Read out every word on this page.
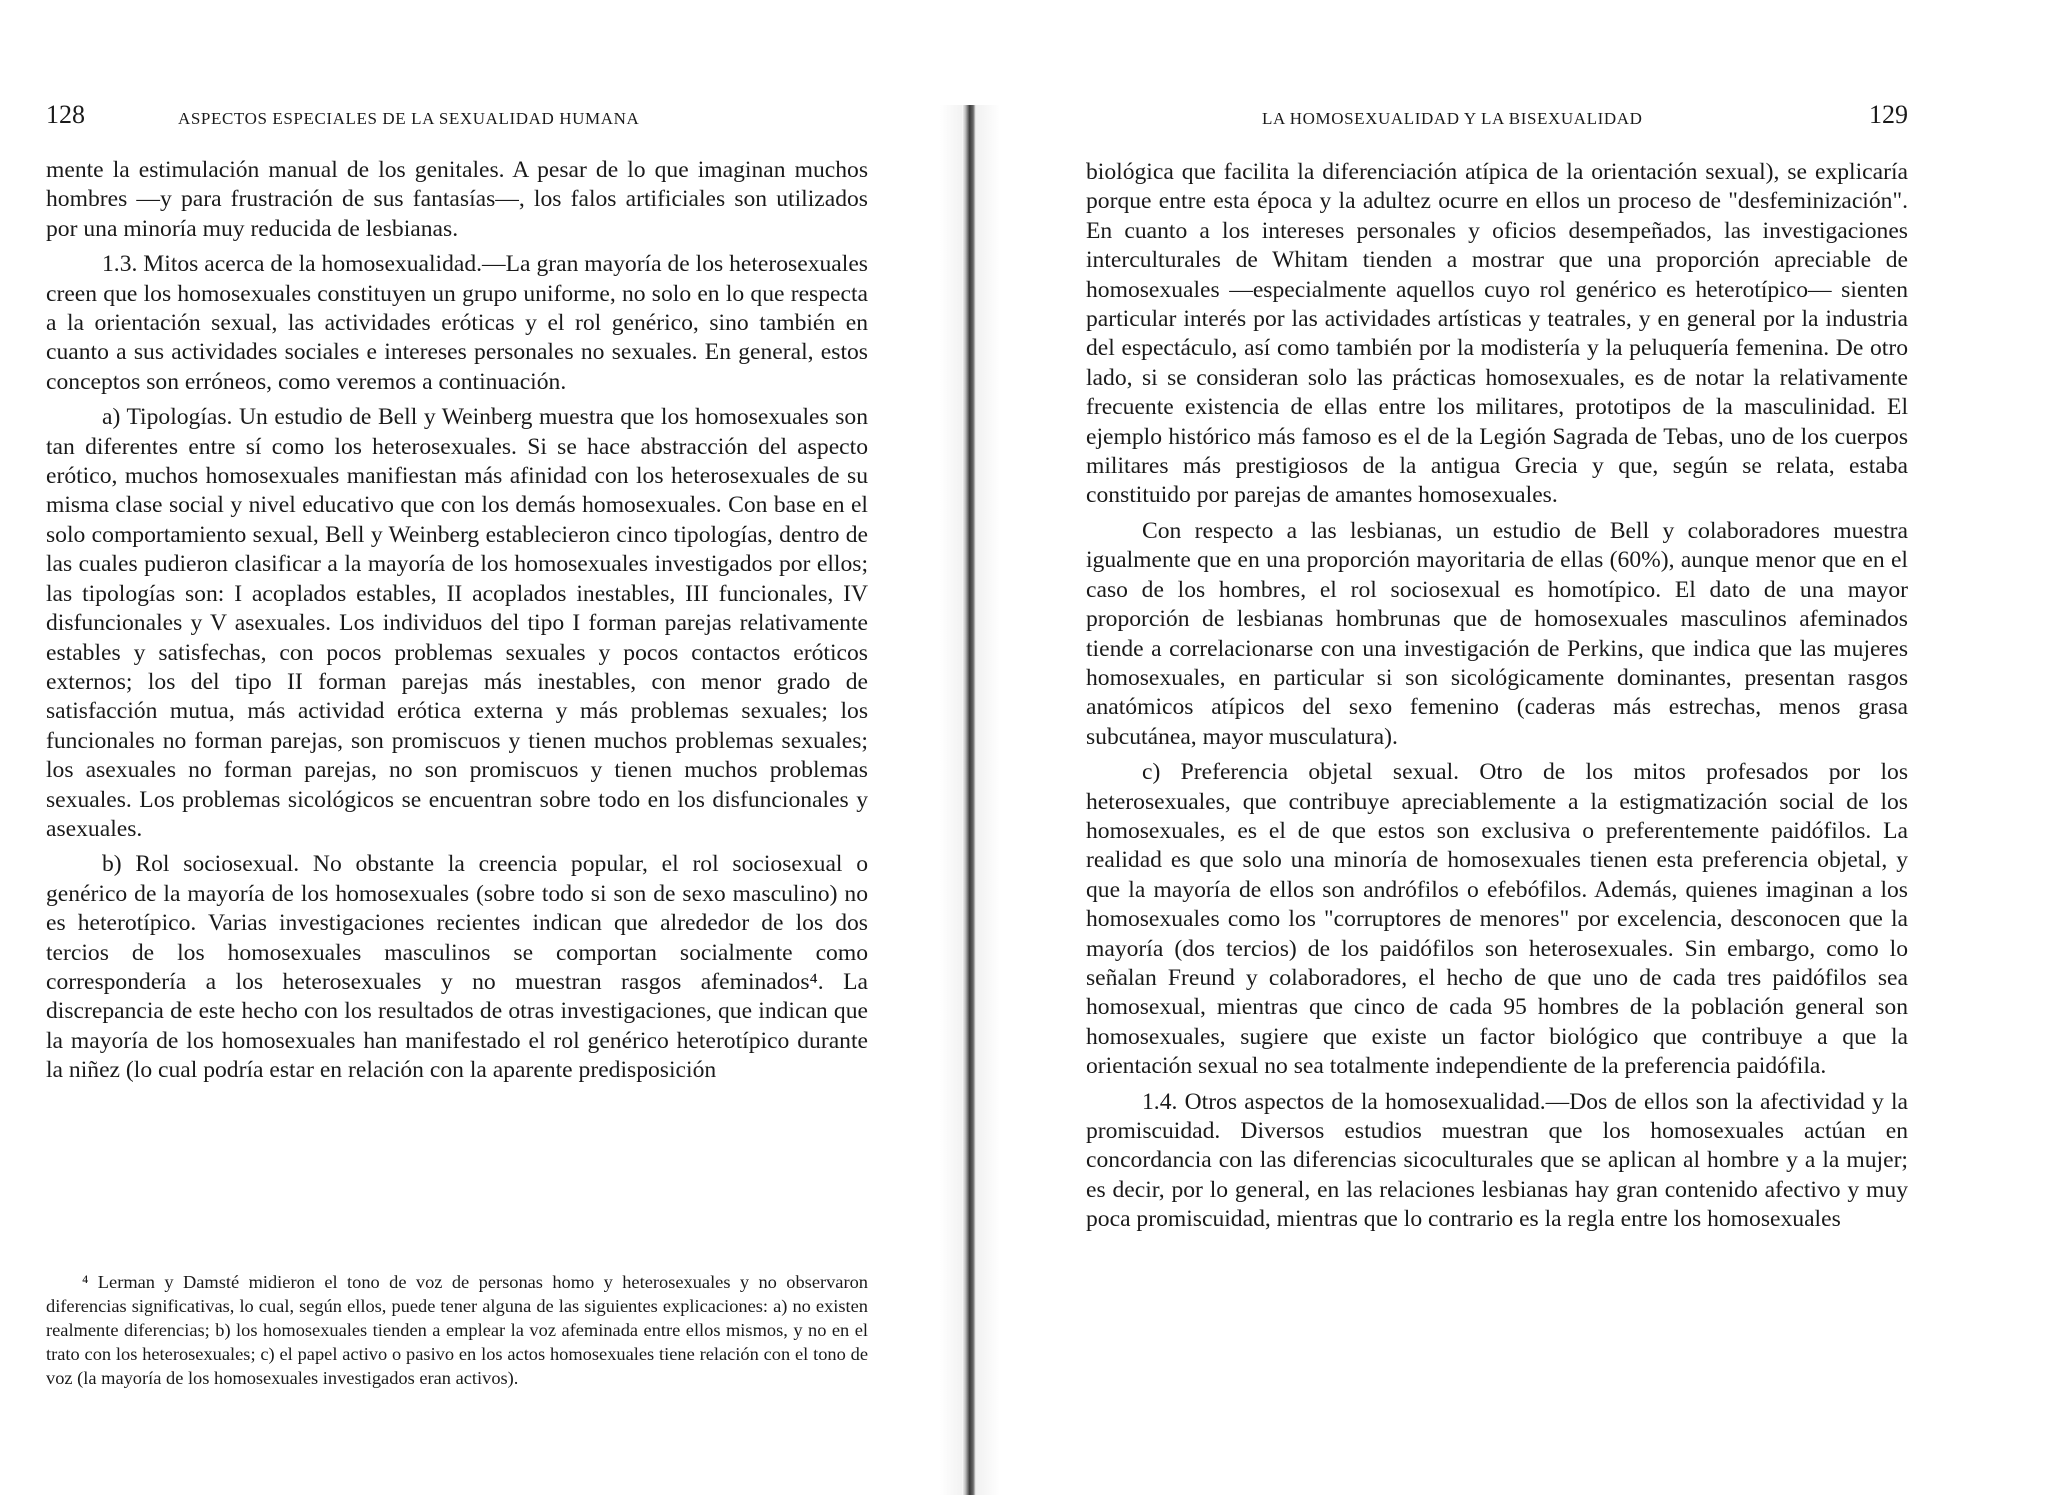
128	ASPECTOS ESPECIALES DE LA SEXUALIDAD HUMANA

mente la estimulación manual de los genitales. A pesar de lo que imaginan muchos hombres —y para frustración de sus fantasías—, los falos artificiales son utilizados por una minoría muy reducida de lesbianas.

1.3. Mitos acerca de la homosexualidad.—La gran mayoría de los heterosexuales creen que los homosexuales constituyen un grupo uniforme, no solo en lo que respecta a la orientación sexual, las actividades eróticas y el rol genérico, sino también en cuanto a sus actividades sociales e intereses personales no sexuales. En general, estos conceptos son erróneos, como veremos a continuación.

a) Tipologías. Un estudio de Bell y Weinberg muestra que los homosexuales son tan diferentes entre sí como los heterosexuales. Si se hace abstracción del aspecto erótico, muchos homosexuales manifiestan más afinidad con los heterosexuales de su misma clase social y nivel educativo que con los demás homosexuales. Con base en el solo comportamiento sexual, Bell y Weinberg establecieron cinco tipologías, dentro de las cuales pudieron clasificar a la mayoría de los homosexuales investigados por ellos; las tipologías son: I acoplados estables, II acoplados inestables, III funcionales, IV disfuncionales y V asexuales. Los individuos del tipo I forman parejas relativamente estables y satisfechas, con pocos problemas sexuales y pocos contactos eróticos externos; los del tipo II forman parejas más inestables, con menor grado de satisfacción mutua, más actividad erótica externa y más problemas sexuales; los funcionales no forman parejas, son promiscuos y tienen muchos problemas sexuales; los asexuales no forman parejas, no son promiscuos y tienen muchos problemas sexuales. Los problemas sicológicos se encuentran sobre todo en los disfuncionales y asexuales.

b) Rol sociosexual. No obstante la creencia popular, el rol sociosexual o genérico de la mayoría de los homosexuales (sobre todo si son de sexo masculino) no es heterotípico. Varias investigaciones recientes indican que alrededor de los dos tercios de los homosexuales masculinos se comportan socialmente como correspondería a los heterosexuales y no muestran rasgos afeminados⁴. La discrepancia de este hecho con los resultados de otras investigaciones, que indican que la mayoría de los homosexuales han manifestado el rol genérico heterotípico durante la niñez (lo cual podría estar en relación con la aparente predisposición

⁴ Lerman y Damsté midieron el tono de voz de personas homo y heterosexuales y no observaron diferencias significativas, lo cual, según ellos, puede tener alguna de las siguientes explicaciones: a) no existen realmente diferencias; b) los homosexuales tienden a emplear la voz afeminada entre ellos mismos, y no en el trato con los heterosexuales; c) el papel activo o pasivo en los actos homosexuales tiene relación con el tono de voz (la mayoría de los homosexuales investigados eran activos).

LA HOMOSEXUALIDAD Y LA BISEXUALIDAD	129

biológica que facilita la diferenciación atípica de la orientación sexual), se explicaría porque entre esta época y la adultez ocurre en ellos un proceso de "desfeminización". En cuanto a los intereses personales y oficios desempeñados, las investigaciones interculturales de Whitam tienden a mostrar que una proporción apreciable de homosexuales —especialmente aquellos cuyo rol genérico es heterotípico— sienten particular interés por las actividades artísticas y teatrales, y en general por la industria del espectáculo, así como también por la modistería y la peluquería femenina. De otro lado, si se consideran solo las prácticas homosexuales, es de notar la relativamente frecuente existencia de ellas entre los militares, prototipos de la masculinidad. El ejemplo histórico más famoso es el de la Legión Sagrada de Tebas, uno de los cuerpos militares más prestigiosos de la antigua Grecia y que, según se relata, estaba constituido por parejas de amantes homosexuales.

Con respecto a las lesbianas, un estudio de Bell y colaboradores muestra igualmente que en una proporción mayoritaria de ellas (60%), aunque menor que en el caso de los hombres, el rol sociosexual es homotípico. El dato de una mayor proporción de lesbianas hombrunas que de homosexuales masculinos afeminados tiende a correlacionarse con una investigación de Perkins, que indica que las mujeres homosexuales, en particular si son sicológicamente dominantes, presentan rasgos anatómicos atípicos del sexo femenino (caderas más estrechas, menos grasa subcutánea, mayor musculatura).

c) Preferencia objetal sexual. Otro de los mitos profesados por los heterosexuales, que contribuye apreciablemente a la estigmatización social de los homosexuales, es el de que estos son exclusiva o preferentemente paidófilos. La realidad es que solo una minoría de homosexuales tienen esta preferencia objetal, y que la mayoría de ellos son andrófilos o efebófilos. Además, quienes imaginan a los homosexuales como los "corruptores de menores" por excelencia, desconocen que la mayoría (dos tercios) de los paidófilos son heterosexuales. Sin embargo, como lo señalan Freund y colaboradores, el hecho de que uno de cada tres paidófilos sea homosexual, mientras que cinco de cada 95 hombres de la población general son homosexuales, sugiere que existe un factor biológico que contribuye a que la orientación sexual no sea totalmente independiente de la preferencia paidófila.

1.4. Otros aspectos de la homosexualidad.—Dos de ellos son la afectividad y la promiscuidad. Diversos estudios muestran que los homosexuales actúan en concordancia con las diferencias sicoculturales que se aplican al hombre y a la mujer; es decir, por lo general, en las relaciones lesbianas hay gran contenido afectivo y muy poca promiscuidad, mientras que lo contrario es la regla entre los homosexuales
